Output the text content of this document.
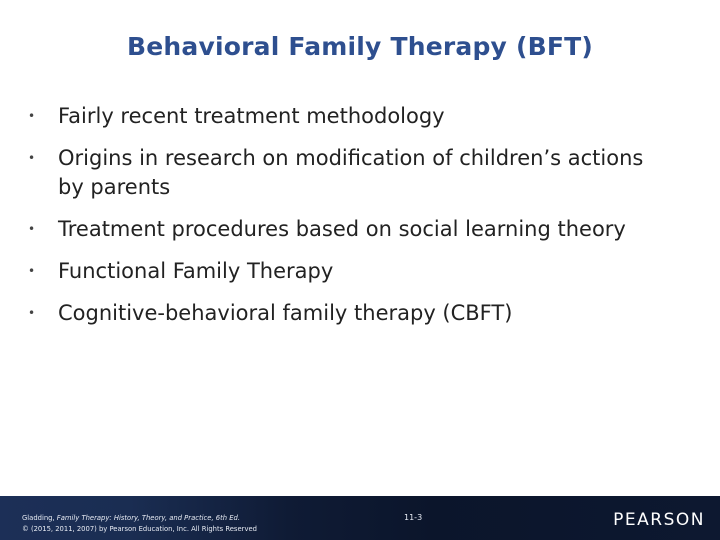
Behavioral Family Therapy (BFT)
• Fairly recent treatment methodology
• Origins in research on modification of children’s actions by parents
• Treatment procedures based on social learning theory
• Functional Family Therapy
• Cognitive-behavioral family therapy (CBFT)
Gladding, Family Therapy: History, Theory, and Practice, 6th Ed.
© (2015, 2011, 2007) by Pearson Education, Inc. All Rights Reserved
11-3	PEARSON
